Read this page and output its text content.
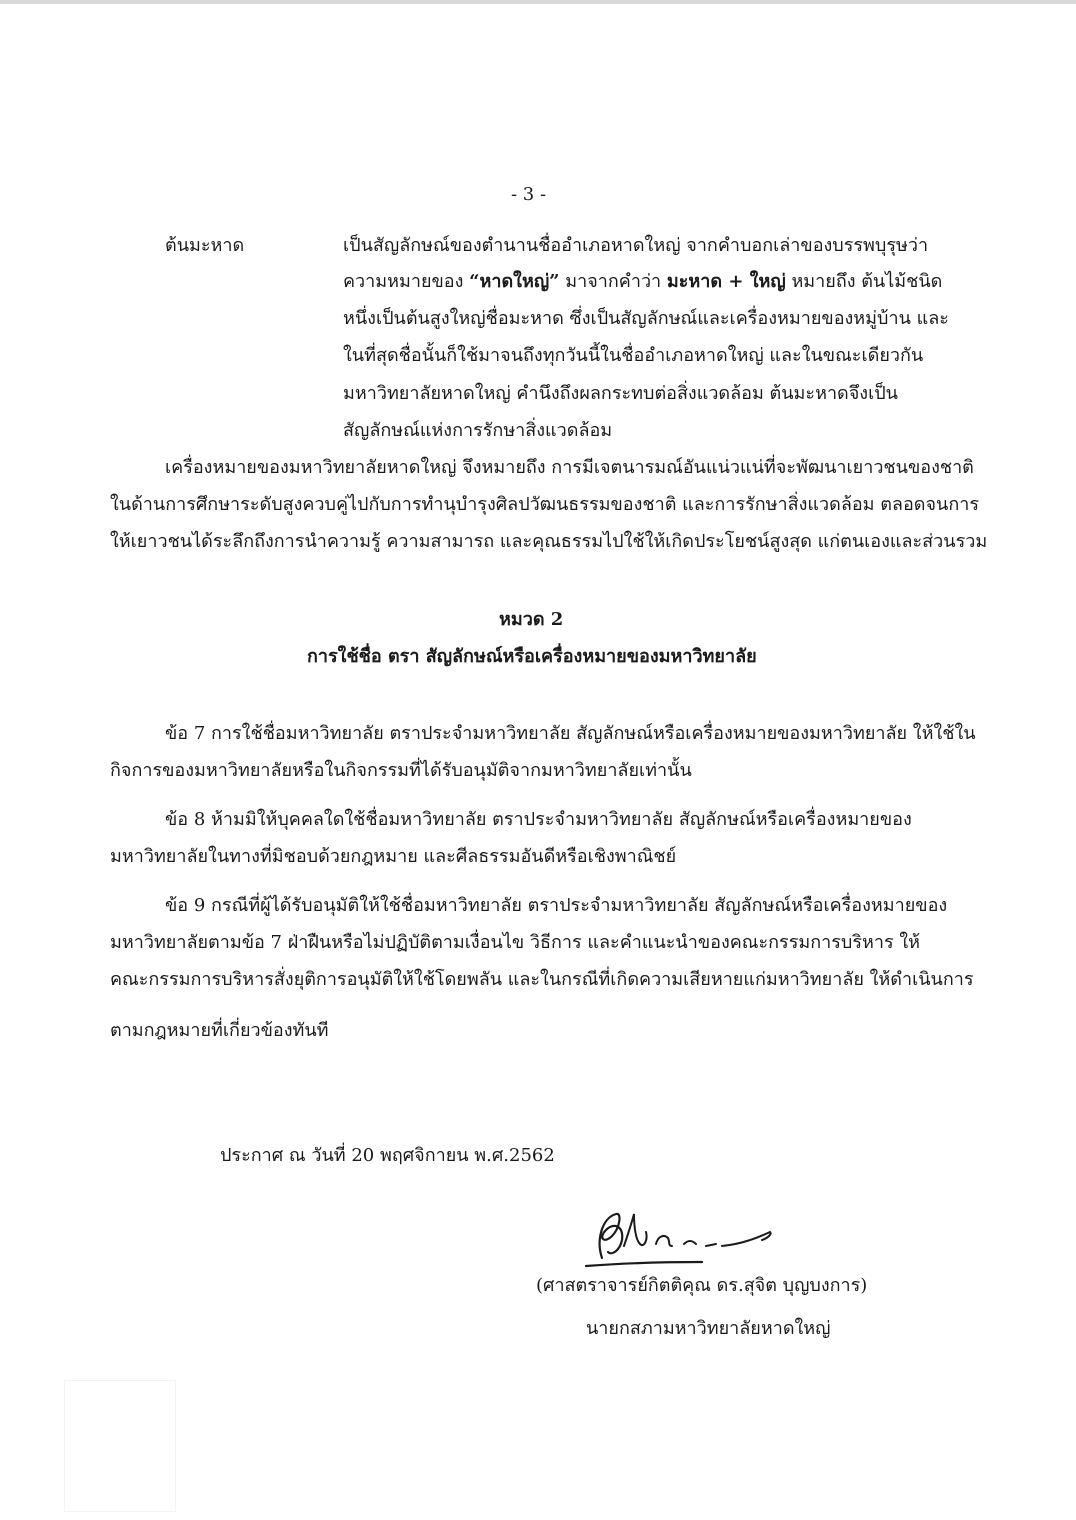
- 3 -
ต้นมะหาด	เป็นสัญลักษณ์ของตำนานชื่ออำเภอหาดใหญ่ จากคำบอกเล่าของบรรพบุรุษว่า
ความหมายของ “หาดใหญ่” มาจากคำว่า มะหาด + ใหญ่ หมายถึง ต้นไม้ชนิด
หนึ่งเป็นต้นสูงใหญ่ชื่อมะหาด ซึ่งเป็นสัญลักษณ์และเครื่องหมายของหมู่บ้าน และ
ในที่สุดชื่อนั้นก็ใช้มาจนถึงทุกวันนี้ในชื่ออำเภอหาดใหญ่ และในขณะเดียวกัน
มหาวิทยาลัยหาดใหญ่ คำนึงถึงผลกระทบต่อสิ่งแวดล้อม ต้นมะหาดจึงเป็น
สัญลักษณ์แห่งการรักษาสิ่งแวดล้อม
เครื่องหมายของมหาวิทยาลัยหาดใหญ่ จึงหมายถึง การมีเจตนารมณ์อันแน่วแน่ที่จะพัฒนาเยาวชนของชาติ
ในด้านการศึกษาระดับสูงควบคู่ไปกับการทำนุบำรุงศิลปวัฒนธรรมของชาติ และการรักษาสิ่งแวดล้อม ตลอดจนการ
ให้เยาวชนได้ระลึกถึงการนำความรู้ ความสามารถ และคุณธรรมไปใช้ให้เกิดประโยชน์สูงสุด แก่ตนเองและส่วนรวม
หมวด 2
การใช้ชื่อ ตรา สัญลักษณ์หรือเครื่องหมายของมหาวิทยาลัย
ข้อ 7 การใช้ชื่อมหาวิทยาลัย ตราประจำมหาวิทยาลัย สัญลักษณ์หรือเครื่องหมายของมหาวิทยาลัย ให้ใช้ใน
กิจการของมหาวิทยาลัยหรือในกิจกรรมที่ได้รับอนุมัติจากมหาวิทยาลัยเท่านั้น
ข้อ 8 ห้ามมิให้บุคคลใดใช้ชื่อมหาวิทยาลัย ตราประจำมหาวิทยาลัย สัญลักษณ์หรือเครื่องหมายของ
มหาวิทยาลัยในทางที่มิชอบด้วยกฎหมาย และศีลธรรมอันดีหรือเชิงพาณิชย์
ข้อ 9 กรณีที่ผู้ได้รับอนุมัติให้ใช้ชื่อมหาวิทยาลัย ตราประจำมหาวิทยาลัย สัญลักษณ์หรือเครื่องหมายของ
มหาวิทยาลัยตามข้อ 7 ฝ่าฝืนหรือไม่ปฏิบัติตามเงื่อนไข วิธีการ และคำแนะนำของคณะกรรมการบริหาร ให้
คณะกรรมการบริหารสั่งยุติการอนุมัติให้ใช้โดยพลัน และในกรณีที่เกิดความเสียหายแก่มหาวิทยาลัย ให้ดำเนินการ
ตามกฎหมายที่เกี่ยวข้องทันที
ประกาศ ณ วันที่ 20 พฤศจิกายน พ.ศ.2562
(ศาสตราจารย์กิตติคุณ ดร.สุจิต บุญบงการ)
นายกสภามหาวิทยาลัยหาดใหญ่
